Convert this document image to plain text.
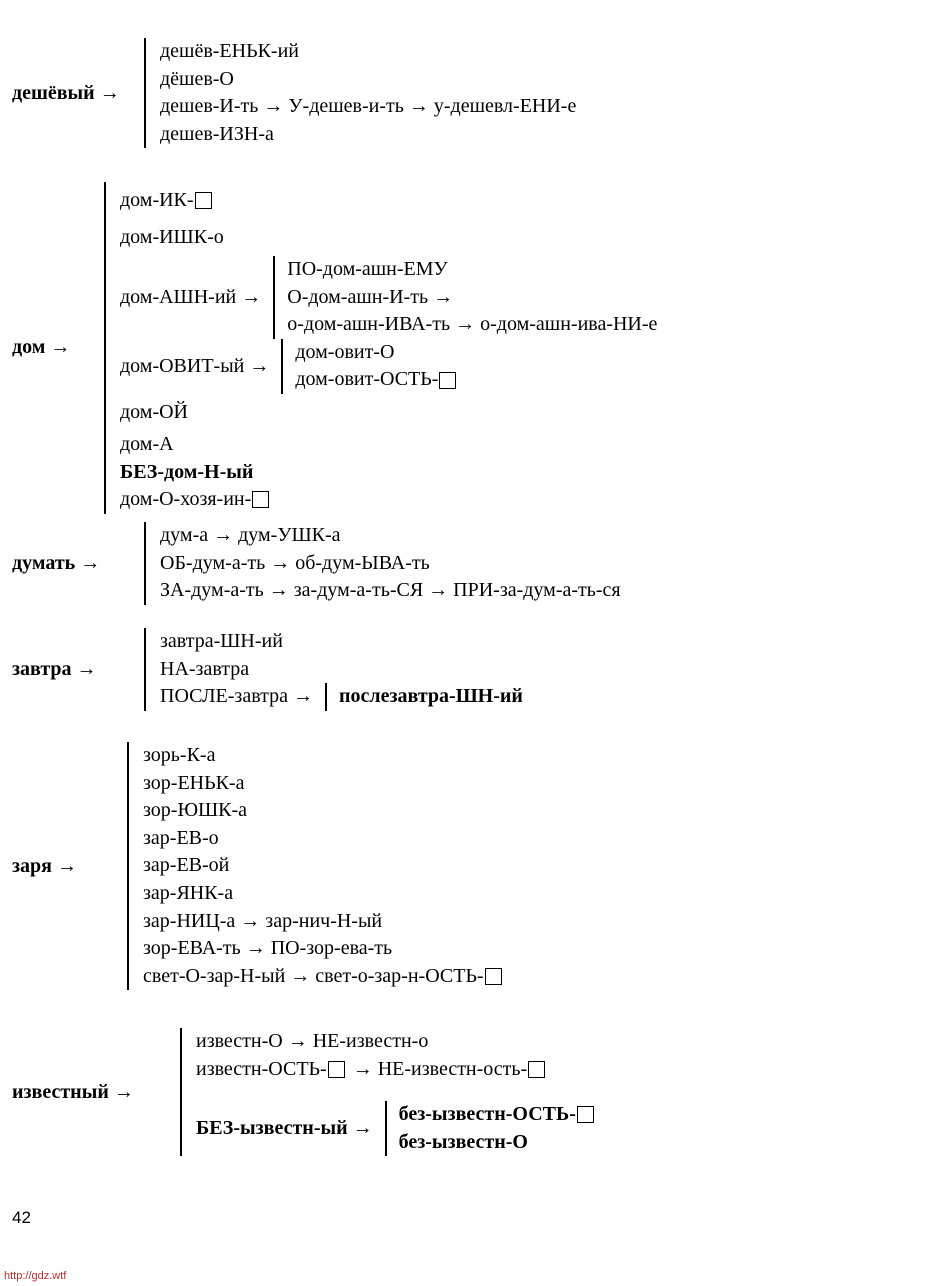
дешёвый →
дешёв-ЕНЬК-ий
дёшев-О
дешев-И-ть → У-дешев-и-ть → у-дешевл-ЕНИ-е
дешев-ИЗН-а
дом →
дом-ИК-
дом-ИШК-о
дом-АШН-ий →
ПО-дом-ашн-ЕМУ
О-дом-ашн-И-ть →
о-дом-ашн-ИВА-ть → о-дом-ашн-ива-НИ-е
дом-ОВИТ-ый →
дом-овит-О
дом-овит-ОСТЬ-
дом-ОЙ
дом-А
БЕЗ-дом-Н-ый
дом-О-хозя-ин-
думать →
дум-а → дум-УШК-а
ОБ-дум-а-ть → об-дум-ЫВА-ть
ЗА-дум-а-ть → за-дум-а-ть-СЯ → ПРИ-за-дум-а-ть-ся
завтра →
завтра-ШН-ий
НА-завтра
ПОСЛЕ-завтра → послезавтра-ШН-ий
заря →
зорь-К-а
зор-ЕНЬК-а
зор-ЮШК-а
зар-ЕВ-о
зар-ЕВ-ой
зар-ЯНК-а
зар-НИЦ-а → зар-нич-Н-ый
зор-ЕВА-ть → ПО-зор-ева-ть
свет-О-зар-Н-ый → свет-о-зар-н-ОСТЬ-
известный →
известн-О → НЕ-известн-о
известн-ОСТЬ- → НЕ-известн-ость-
БЕЗ-ызвестн-ый →
без-ызвестн-ОСТЬ-
без-ызвестн-О
42
http://gdz.wtf
